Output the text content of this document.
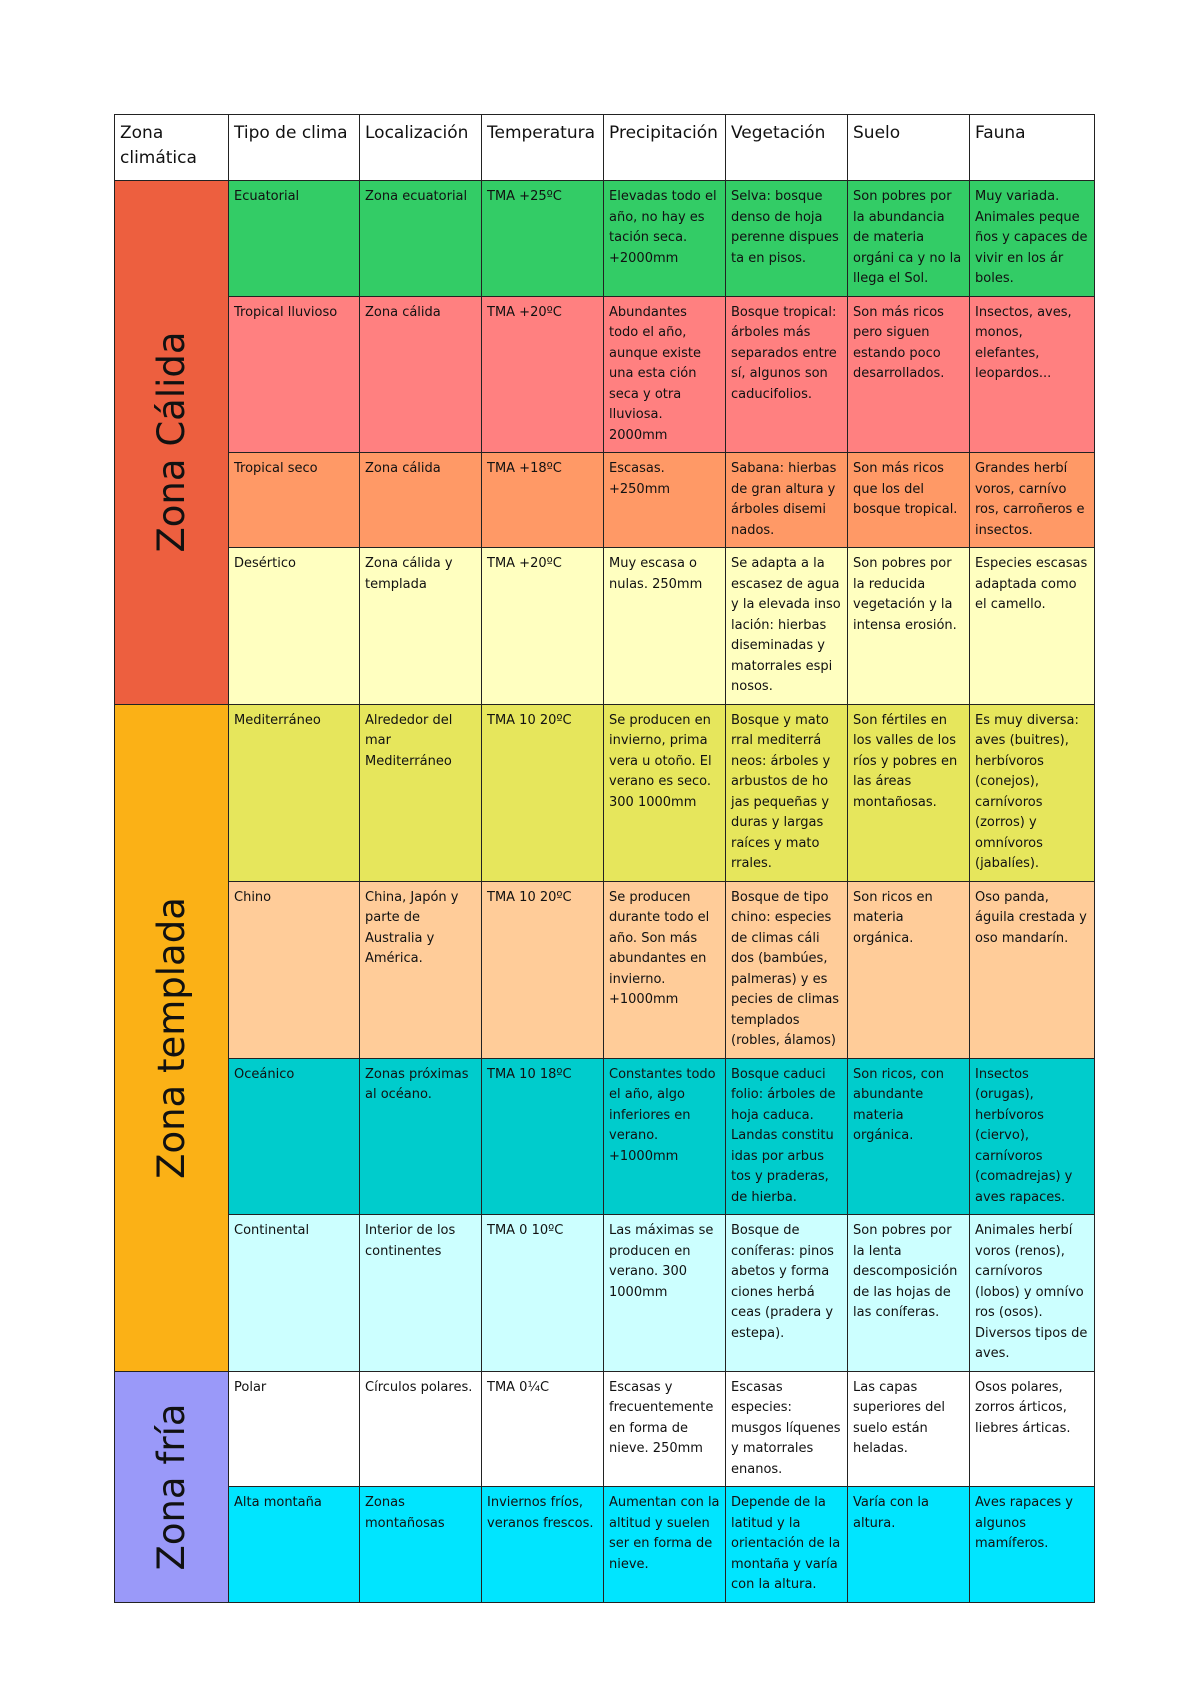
Zona climática	Tipo de clima	Localización	Temperatura	Precipitación	Vegetación	Suelo	Fauna

Zona Cálida	Ecuatorial	Zona ecuatorial	TMA +25ºC	Elevadas todo el año, no hay es tación seca. +2000mm	Selva: bosque denso de hoja perenne dispues ta en pisos.	Son pobres por la abundancia de materia orgáni ca y no la llega el Sol.	Muy variada. Animales peque ños y capaces de vivir en los ár boles.
	Tropical lluvioso	Zona cálida	TMA +20ºC	Abundantes todo el año, aunque existe una esta ción seca y otra lluviosa. 2000mm	Bosque tropical: árboles más separados entre sí, algunos son caducifolios.	Son más ricos pero siguen estando poco desarrollados.	Insectos, aves, monos, elefantes, leopardos...
	Tropical seco	Zona cálida	TMA +18ºC	Escasas. +250mm	Sabana: hierbas de gran altura y árboles disemi nados.	Son más ricos que los del bosque tropical.	Grandes herbí voros, carnívo ros, carroñeros e insectos.
	Desértico	Zona cálida y templada	TMA +20ºC	Muy escasa o nulas. 250mm	Se adapta a la escasez de agua y la elevada inso lación: hierbas diseminadas y matorrales espi nosos.	Son pobres por la reducida vegetación y la intensa erosión.	Especies escasas adaptada como el camello.

Zona templada	Mediterráneo	Alrededor del mar Mediterráneo	TMA 10 20ºC	Se producen en invierno, prima vera u otoño. El verano es seco. 300 1000mm	Bosque y mato rral mediterrá neos: árboles y arbustos de ho jas pequeñas y duras y largas raíces y mato rrales.	Son fértiles en los valles de los ríos y pobres en las áreas montañosas.	Es muy diversa: aves (buitres), herbívoros (conejos), carnívoros (zorros) y omnívoros (jabalíes).
	Chino	China, Japón y parte de Australia y América.	TMA 10 20ºC	Se producen durante todo el año. Son más abundantes en invierno. +1000mm	Bosque de tipo chino: especies de climas cáli dos (bambúes, palmeras) y es pecies de climas templados (robles, álamos)	Son ricos en materia orgánica.	Oso panda, águila crestada y oso mandarín.
	Oceánico	Zonas próximas al océano.	TMA 10 18ºC	Constantes todo el año, algo inferiores en verano. +1000mm	Bosque caduci folio: árboles de hoja caduca. Landas constitu idas por arbus tos y praderas, de hierba.	Son ricos, con abundante materia orgánica.	Insectos (orugas), herbívoros (ciervo), carnívoros (comadrejas) y aves rapaces.
	Continental	Interior de los continentes	TMA 0 10ºC	Las máximas se producen en verano. 300 1000mm	Bosque de coníferas: pinos abetos y forma ciones herbá ceas (pradera y estepa).	Son pobres por la lenta descomposición de las hojas de las coníferas.	Animales herbí voros (renos), carnívoros (lobos) y omnívo ros (osos). Diversos tipos de aves.

Zona fría	Polar	Círculos polares.	TMA 0¼C	Escasas y frecuentemente en forma de nieve. 250mm	Escasas especies: musgos líquenes y matorrales enanos.	Las capas superiores del suelo están heladas.	Osos polares, zorros árticos, liebres árticas.
	Alta montaña	Zonas montañosas	Inviernos fríos, veranos frescos.	Aumentan con la altitud y suelen ser en forma de nieve.	Depende de la latitud y la orientación de la montaña y varía con la altura.	Varía con la altura.	Aves rapaces y algunos mamíferos.
